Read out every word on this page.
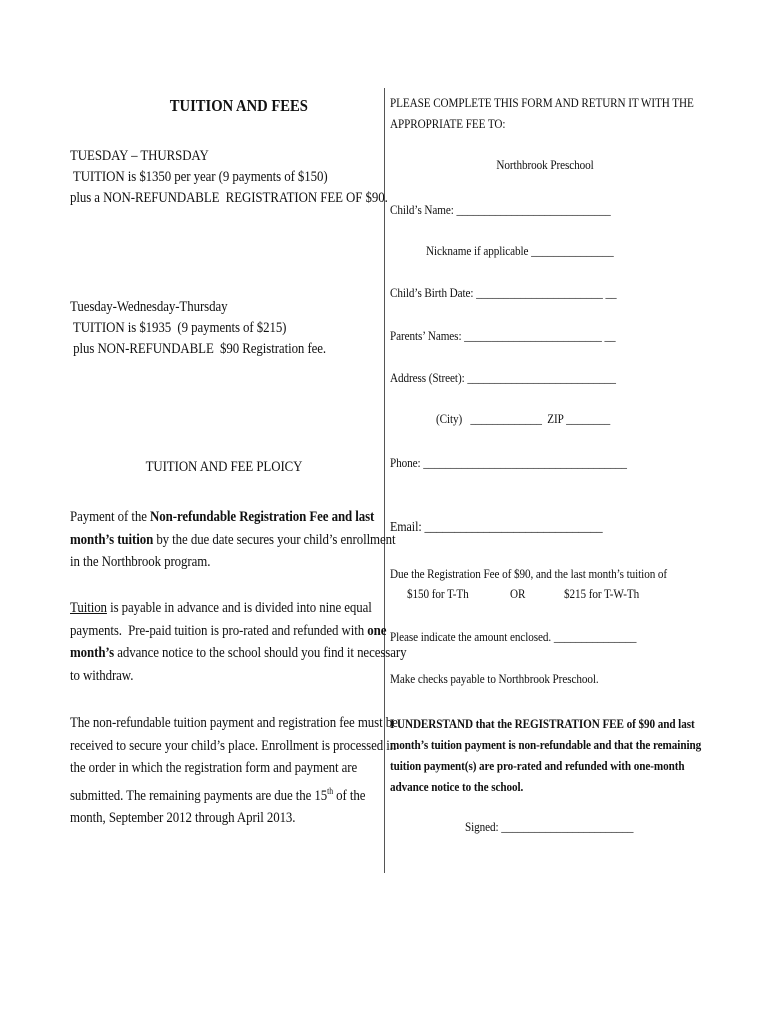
TUITION AND FEES
TUESDAY – THURSDAY
TUITION is $1350 per year (9 payments of $150)
plus a NON-REFUNDABLE  REGISTRATION FEE OF $90.
Tuesday-Wednesday-Thursday
TUITION is $1935  (9 payments of $215)
plus NON-REFUNDABLE  $90 Registration fee.
TUITION AND FEE PLOICY
Payment of the Non-refundable Registration Fee and last
month’s tuition by the due date secures your child’s enrollment
in the Northbrook program.
Tuition is payable in advance and is divided into nine equal
payments.  Pre-paid tuition is pro-rated and refunded with one
month’s advance notice to the school should you find it necessary
to withdraw.
The non-refundable tuition payment and registration fee must be
received to secure your child’s place. Enrollment is processed in
the order in which the registration form and payment are
submitted. The remaining payments are due the 15th of the
month, September 2012 through April 2013.
PLEASE COMPLETE THIS FORM AND RETURN IT WITH THE
APPROPRIATE FEE TO:
Northbrook Preschool
Child’s Name: ____________________________
Nickname if applicable _______________
Child’s Birth Date: _______________________ __
Parents’ Names: _________________________ __
Address (Street): ___________________________
(City)   _____________  ZIP ________
Phone: _____________________________________
Email: ______________________________
Due the Registration Fee of $90, and the last month’s tuition of
$150 for T-Th	OR	$215 for T-W-Th
Please indicate the amount enclosed. _______________
Make checks payable to Northbrook Preschool.
I UNDERSTAND that the REGISTRATION FEE of $90 and last
month’s tuition payment is non-refundable and that the remaining
tuition payment(s) are pro-rated and refunded with one-month
advance notice to the school.
Signed: ________________________
